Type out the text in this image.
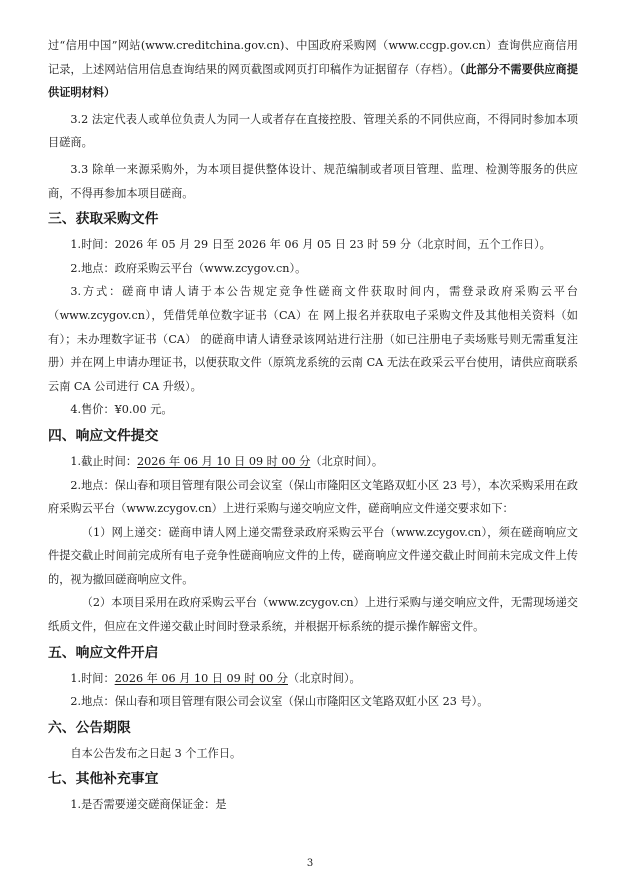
过“信用中国”网站(www.creditchina.gov.cn)、中国政府采购网（www.ccgp.gov.cn）查询供应商信用记录，上述网站信用信息查询结果的网页截图或网页打印稿作为证据留存（存档）。（此部分不需要供应商提供证明材料）

3.2 法定代表人或单位负责人为同一人或者存在直接控股、管理关系的不同供应商，不得同时参加本项目磋商。

3.3 除单一来源采购外，为本项目提供整体设计、规范编制或者项目管理、监理、检测等服务的供应商，不得再参加本项目磋商。

三、获取采购文件

1.时间：2026 年 05 月 29 日至 2026 年 06 月 05 日 23 时 59 分（北京时间，五个工作日）。

2.地点：政府采购云平台（www.zcygov.cn）。

3.方式：磋商申请人请于本公告规定竞争性磋商文件获取时间内，需登录政府采购云平台（www.zcygov.cn），凭借凭单位数字证书（CA）在 网上报名并获取电子采购文件及其他相关资料（如有）；未办理数字证书（CA） 的磋商申请人请登录该网站进行注册（如已注册电子卖场账号则无需重复注册）并在网上申请办理证书，以便获取文件（原筑龙系统的云南 CA 无法在政采云平台使用，请供应商联系云南 CA 公司进行 CA 升级）。

4.售价：¥0.00 元。

四、响应文件提交

1.截止时间：2026 年 06 月 10 日 09 时 00 分（北京时间）。

2.地点：保山春和项目管理有限公司会议室（保山市隆阳区文笔路双虹小区 23 号），本次采购采用在政府采购云平台（www.zcygov.cn）上进行采购与递交响应文件，磋商响应文件递交要求如下：

（1）网上递交：磋商申请人网上递交需登录政府采购云平台（www.zcygov.cn），须在磋商响应文件提交截止时间前完成所有电子竞争性磋商响应文件的上传，磋商响应文件递交截止时间前未完成文件上传的，视为撤回磋商响应文件。

（2）本项目采用在政府采购云平台（www.zcygov.cn）上进行采购与递交响应文件，无需现场递交纸质文件，但应在文件递交截止时间时登录系统，并根据开标系统的提示操作解密文件。

五、响应文件开启

1.时间：2026 年 06 月 10 日 09 时 00 分（北京时间）。

2.地点：保山春和项目管理有限公司会议室（保山市隆阳区文笔路双虹小区 23 号）。

六、公告期限

自本公告发布之日起 3 个工作日。

七、其他补充事宜

1.是否需要递交磋商保证金：是

3
